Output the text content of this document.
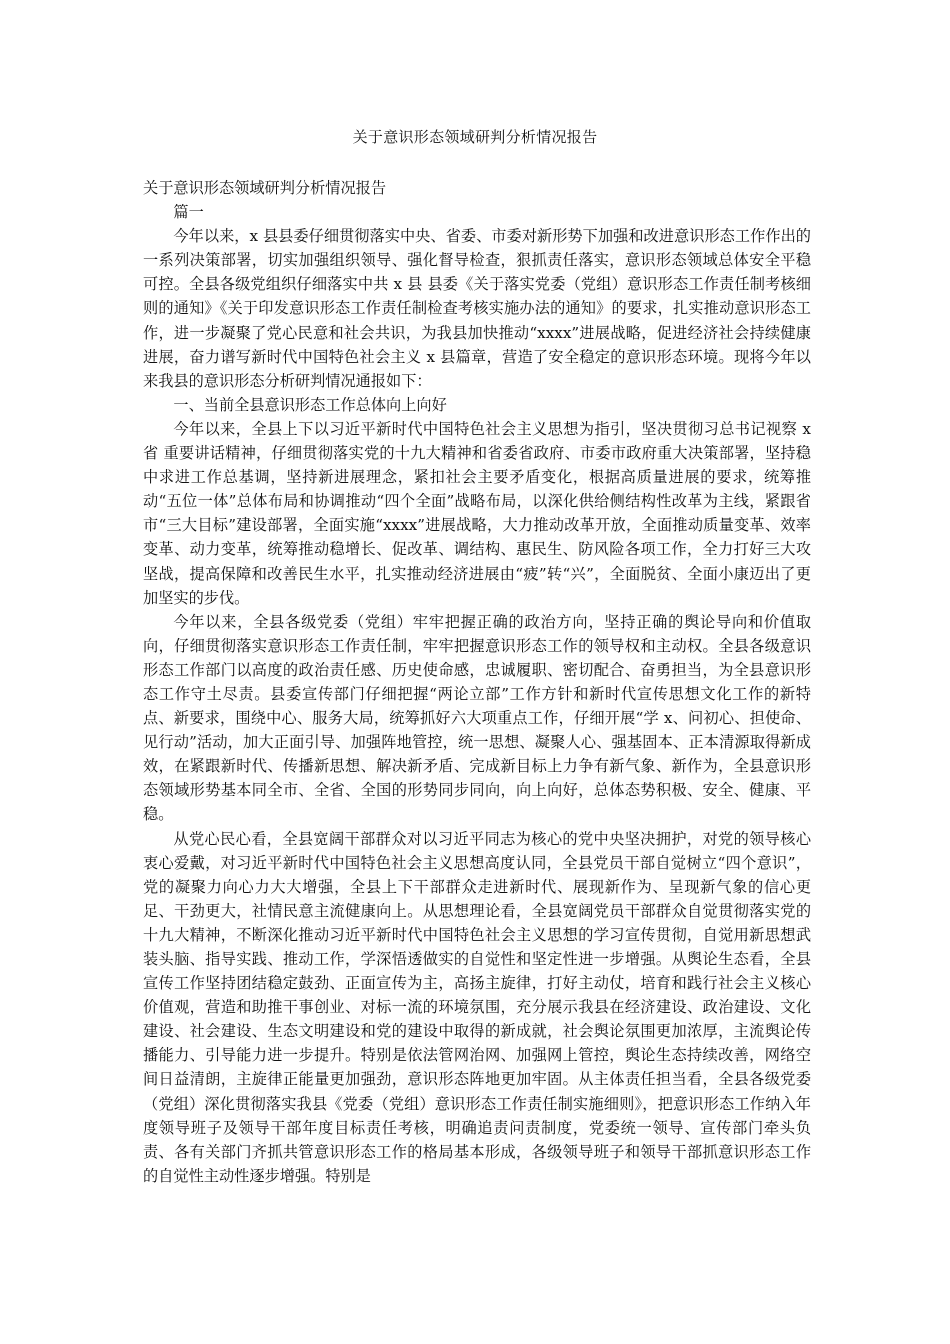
关于意识形态领域研判分析情况报告

关于意识形态领域研判分析情况报告

篇一

今年以来，x 县县委仔细贯彻落实中央、省委、市委对新形势下加强和改进意识形态工作作出的一系列决策部署，切实加强组织领导、强化督导检查，狠抓责任落实，意识形态领域总体安全平稳可控。全县各级党组织仔细落实中共 x 县 县委《关于落实党委（党组）意识形态工作责任制考核细则的通知》《关于印发意识形态工作责任制检查考核实施办法的通知》的要求，扎实推动意识形态工作，进一步凝聚了党心民意和社会共识，为我县加快推动“xxxx”进展战略，促进经济社会持续健康进展，奋力谱写新时代中国特色社会主义 x 县篇章，营造了安全稳定的意识形态环境。现将今年以来我县的意识形态分析研判情况通报如下：

一、当前全县意识形态工作总体向上向好

今年以来，全县上下以习近平新时代中国特色社会主义思想为指引，坚决贯彻习总书记视察 x 省 重要讲话精神，仔细贯彻落实党的十九大精神和省委省政府、市委市政府重大决策部署，坚持稳中求进工作总基调，坚持新进展理念，紧扣社会主要矛盾变化，根据高质量进展的要求，统筹推动“五位一体”总体布局和协调推动“四个全面”战略布局，以深化供给侧结构性改革为主线，紧跟省市“三大目标”建设部署，全面实施“xxxx”进展战略，大力推动改革开放，全面推动质量变革、效率变革、动力变革，统筹推动稳增长、促改革、调结构、惠民生、防风险各项工作，全力打好三大攻坚战，提高保障和改善民生水平，扎实推动经济进展由“疲”转“兴”，全面脱贫、全面小康迈出了更加坚实的步伐。

今年以来，全县各级党委（党组）牢牢把握正确的政治方向，坚持正确的舆论导向和价值取向，仔细贯彻落实意识形态工作责任制，牢牢把握意识形态工作的领导权和主动权。全县各级意识形态工作部门以高度的政治责任感、历史使命感，忠诚履职、密切配合、奋勇担当，为全县意识形态工作守土尽责。县委宣传部门仔细把握“两论立部”工作方针和新时代宣传思想文化工作的新特点、新要求，围绕中心、服务大局，统筹抓好六大项重点工作，仔细开展“学 x、问初心、担使命、见行动”活动，加大正面引导、加强阵地管控，统一思想、凝聚人心、强基固本、正本清源取得新成效，在紧跟新时代、传播新思想、解决新矛盾、完成新目标上力争有新气象、新作为，全县意识形态领域形势基本同全市、全省、全国的形势同步同向，向上向好，总体态势积极、安全、健康、平稳。

从党心民心看，全县宽阔干部群众对以习近平同志为核心的党中央坚决拥护，对党的领导核心衷心爱戴，对习近平新时代中国特色社会主义思想高度认同，全县党员干部自觉树立“四个意识”，党的凝聚力向心力大大增强，全县上下干部群众走进新时代、展现新作为、呈现新气象的信心更足、干劲更大，社情民意主流健康向上。从思想理论看，全县宽阔党员干部群众自觉贯彻落实党的十九大精神，不断深化推动习近平新时代中国特色社会主义思想的学习宣传贯彻，自觉用新思想武装头脑、指导实践、推动工作，学深悟透做实的自觉性和坚定性进一步增强。从舆论生态看，全县宣传工作坚持团结稳定鼓劲、正面宣传为主，高扬主旋律，打好主动仗，培育和践行社会主义核心价值观，营造和助推干事创业、对标一流的环境氛围，充分展示我县在经济建设、政治建设、文化建设、社会建设、生态文明建设和党的建设中取得的新成就，社会舆论氛围更加浓厚，主流舆论传播能力、引导能力进一步提升。特别是依法管网治网、加强网上管控，舆论生态持续改善，网络空间日益清朗，主旋律正能量更加强劲，意识形态阵地更加牢固。从主体责任担当看，全县各级党委（党组）深化贯彻落实我县《党委（党组）意识形态工作责任制实施细则》，把意识形态工作纳入年度领导班子及领导干部年度目标责任考核，明确追责问责制度，党委统一领导、宣传部门牵头负责、各有关部门齐抓共管意识形态工作的格局基本形成，各级领导班子和领导干部抓意识形态工作的自觉性主动性逐步增强。特别是
